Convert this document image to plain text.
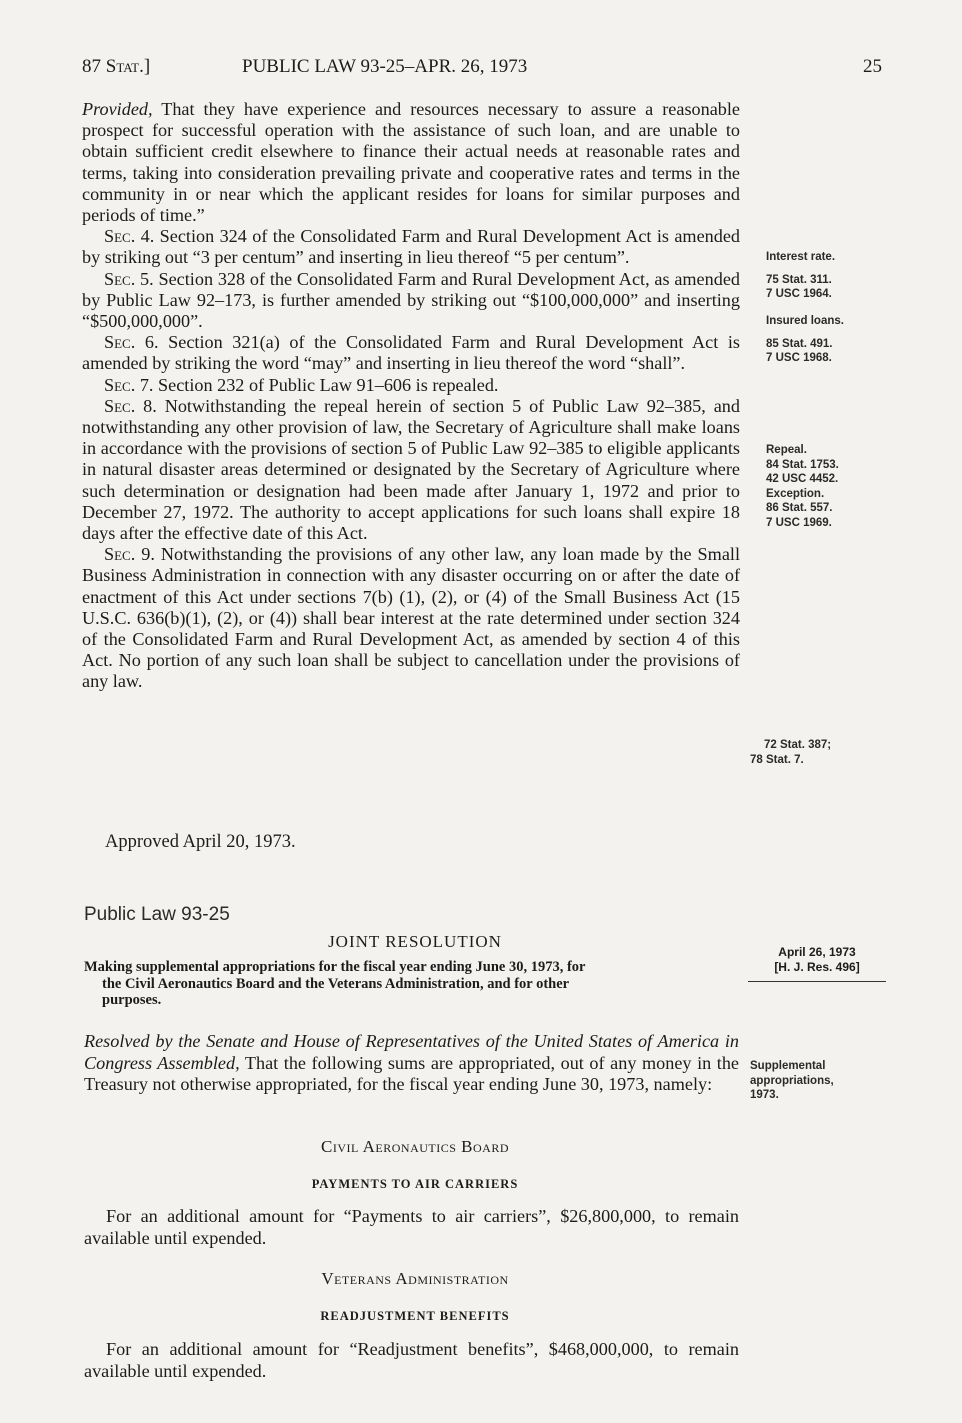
87 Stat.]	PUBLIC LAW 93-25–APR. 26, 1973	25

Provided, That they have experience and resources necessary to assure a reasonable prospect for successful operation with the assistance of such loan, and are unable to obtain sufficient credit elsewhere to finance their actual needs at reasonable rates and terms, taking into consideration prevailing private and cooperative rates and terms in the community in or near which the applicant resides for loans for similar purposes and periods of time.”

Sec. 4. Section 324 of the Consolidated Farm and Rural Development Act is amended by striking out “3 per centum” and inserting in lieu thereof “5 per centum”.

Sec. 5. Section 328 of the Consolidated Farm and Rural Development Act, as amended by Public Law 92–173, is further amended by striking out “$100,000,000” and inserting “$500,000,000”.

Sec. 6. Section 321(a) of the Consolidated Farm and Rural Development Act is amended by striking the word “may” and inserting in lieu thereof the word “shall”.

Sec. 7. Section 232 of Public Law 91–606 is repealed.

Sec. 8. Notwithstanding the repeal herein of section 5 of Public Law 92–385, and notwithstanding any other provision of law, the Secretary of Agriculture shall make loans in accordance with the provisions of section 5 of Public Law 92–385 to eligible applicants in natural disaster areas determined or designated by the Secretary of Agriculture where such determination or designation had been made after January 1, 1972 and prior to December 27, 1972. The authority to accept applications for such loans shall expire 18 days after the effective date of this Act.

Sec. 9. Notwithstanding the provisions of any other law, any loan made by the Small Business Administration in connection with any disaster occurring on or after the date of enactment of this Act under sections 7(b) (1), (2), or (4) of the Small Business Act (15 U.S.C. 636(b)(1), (2), or (4)) shall bear interest at the rate determined under section 324 of the Consolidated Farm and Rural Development Act, as amended by section 4 of this Act. No portion of any such loan shall be subject to cancellation under the provisions of any law.

Interest rate.
75 Stat. 311.
7 USC 1964.
Insured loans.
85 Stat. 491.
7 USC 1968.
Repeal.
84 Stat. 1753.
42 USC 4452.
Exception.
86 Stat. 557.
7 USC 1969.
72 Stat. 387;
78 Stat. 7.
Approved April 20, 1973.
Public Law 93-25
JOINT RESOLUTION
Making supplemental appropriations for the fiscal year ending June 30, 1973, for
the Civil Aeronautics Board and the Veterans Administration, and for other
purposes.
April 26, 1973
[H. J. Res. 496]

Resolved by the Senate and House of Representatives of the United States of America in Congress Assembled, That the following sums are appropriated, out of any money in the Treasury not otherwise appropriated, for the fiscal year ending June 30, 1973, namely:

Supplemental
appropriations,
1973.
Civil Aeronautics Board
PAYMENTS TO AIR CARRIERS

For an additional amount for “Payments to air carriers”, $26,800,000, to remain available until expended.

Veterans Administration
READJUSTMENT BENEFITS

For an additional amount for “Readjustment benefits”, $468,000,000, to remain available until expended.
